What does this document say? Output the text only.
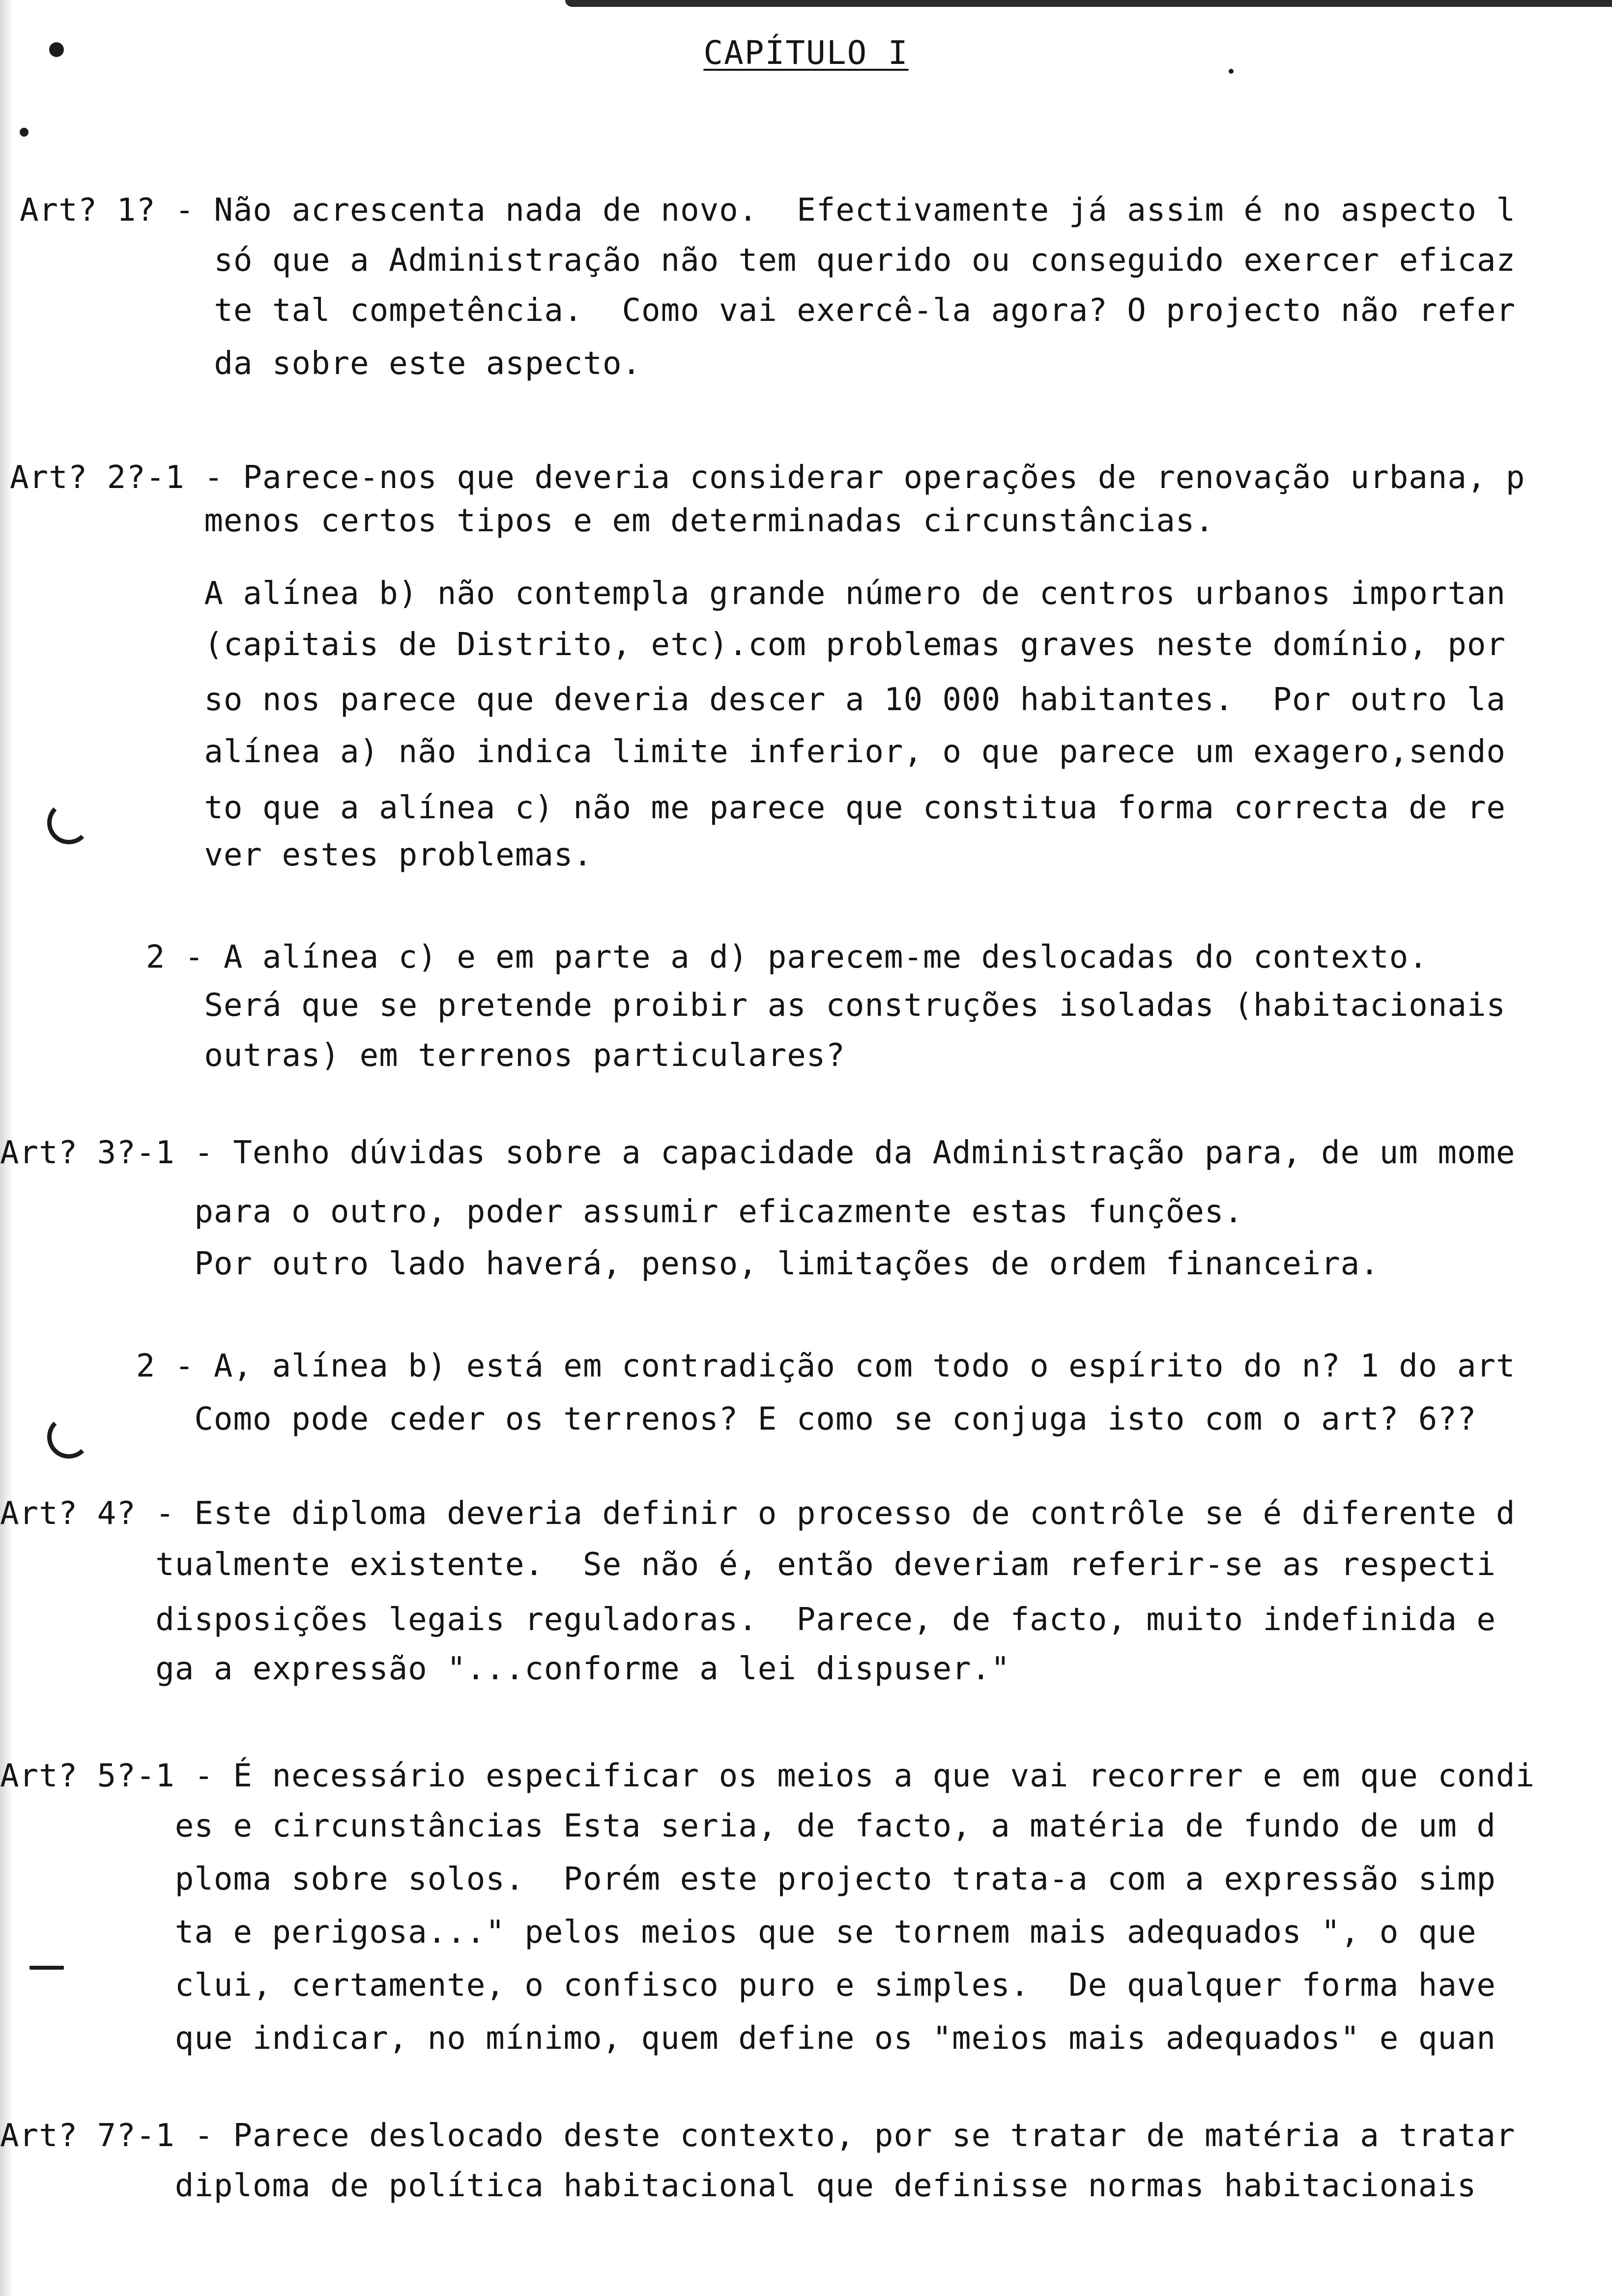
CAPÍTULO I
Art? 1? - Não acrescenta nada de novo.  Efectivamente já assim é no aspecto l
só que a Administração não tem querido ou conseguido exercer eficaz
te tal competência.  Como vai exercê-la agora? O projecto não refer
da sobre este aspecto.
Art? 2?-1 - Parece-nos que deveria considerar operações de renovação urbana, p
menos certos tipos e em determinadas circunstâncias.
A alínea b) não contempla grande número de centros urbanos importan
(capitais de Distrito, etc).com problemas graves neste domínio, por
so nos parece que deveria descer a 10 000 habitantes.  Por outro la
alínea a) não indica limite inferior, o que parece um exagero,sendo
to que a alínea c) não me parece que constitua forma correcta de re
ver estes problemas.
2 - A alínea c) e em parte a d) parecem-me deslocadas do contexto.
Será que se pretende proibir as construções isoladas (habitacionais
outras) em terrenos particulares?
Art? 3?-1 - Tenho dúvidas sobre a capacidade da Administração para, de um mome
para o outro, poder assumir eficazmente estas funções.
Por outro lado haverá, penso, limitações de ordem financeira.
2 - A, alínea b) está em contradição com todo o espírito do n? 1 do art
Como pode ceder os terrenos? E como se conjuga isto com o art? 6??
Art? 4? - Este diploma deveria definir o processo de contrôle se é diferente d
tualmente existente.  Se não é, então deveriam referir-se as respecti
disposições legais reguladoras.  Parece, de facto, muito indefinida e
ga a expressão "...conforme a lei dispuser."
Art? 5?-1 - É necessário especificar os meios a que vai recorrer e em que condi
es e circunstâncias Esta seria, de facto, a matéria de fundo de um d
ploma sobre solos.  Porém este projecto trata-a com a expressão simp
ta e perigosa..." pelos meios que se tornem mais adequados ", o que
clui, certamente, o confisco puro e simples.  De qualquer forma have
que indicar, no mínimo, quem define os "meios mais adequados" e quan
Art? 7?-1 - Parece deslocado deste contexto, por se tratar de matéria a tratar
diploma de política habitacional que definisse normas habitacionais
